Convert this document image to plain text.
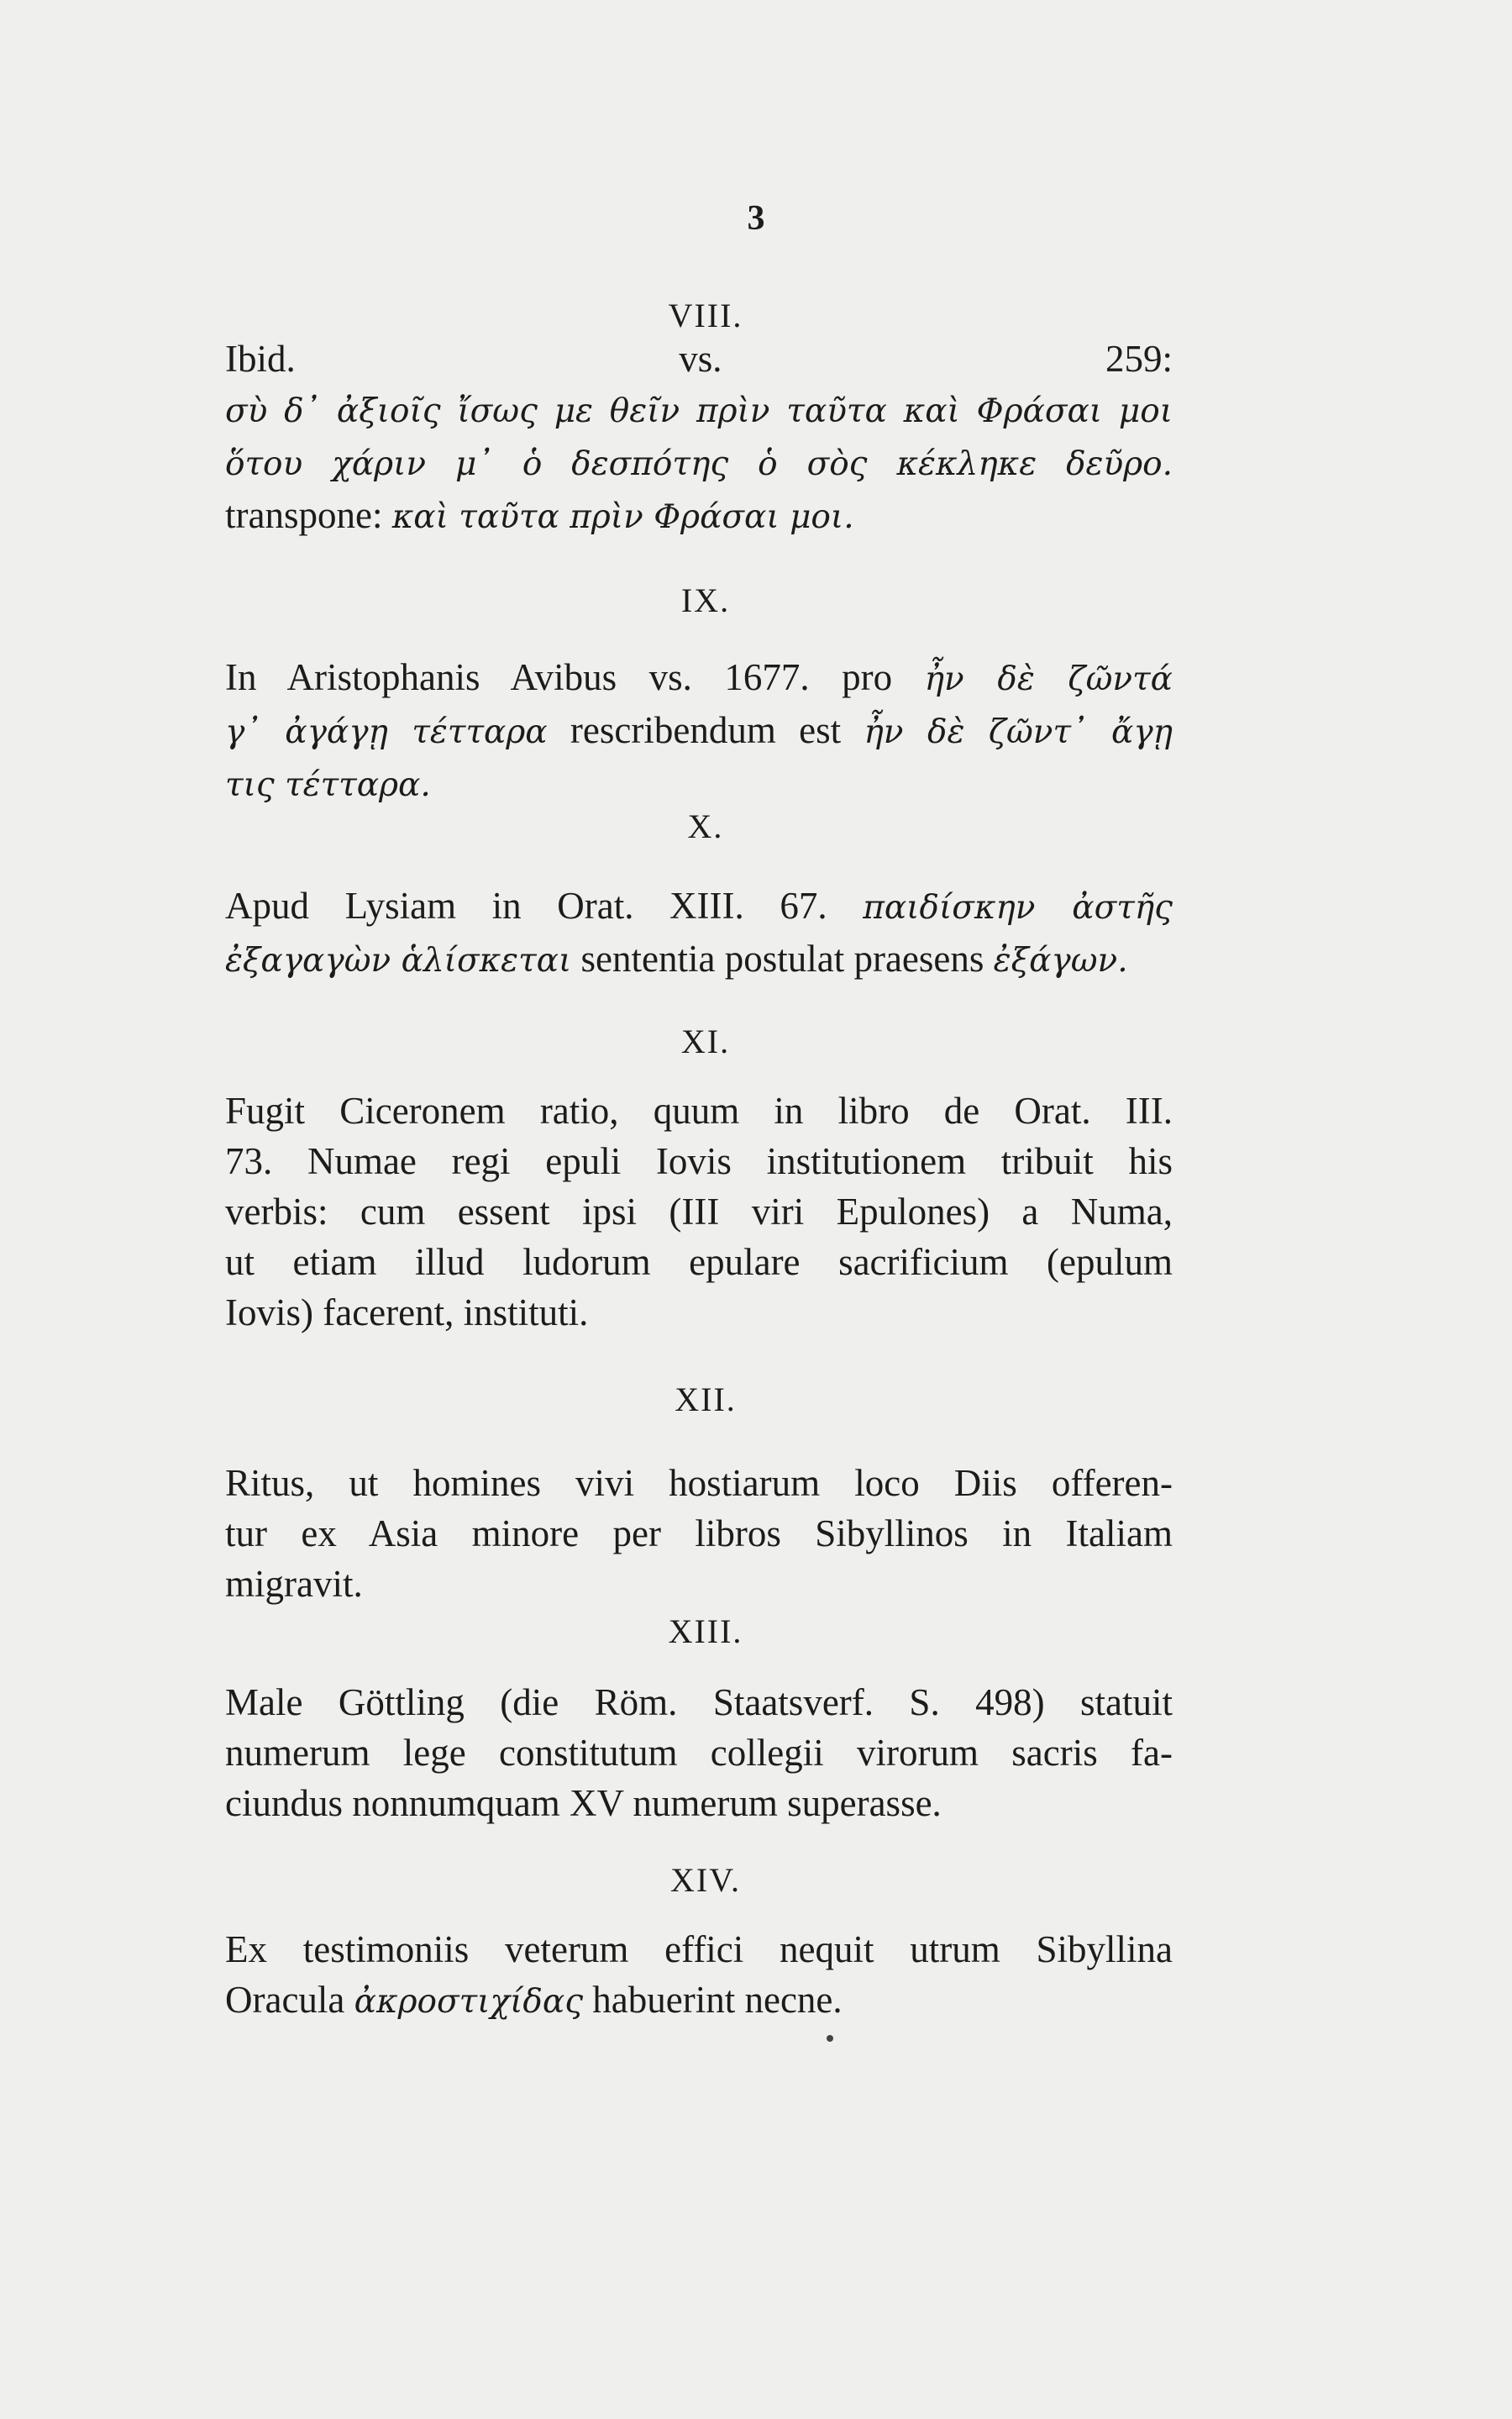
3
VIII.
Ibid. vs. 259:
σὺ δ᾽ ἀξιοῖς ἴσως με θεῖν πρὶν ταῦτα καὶ Φράσαι μοι
ὅτου χάριν μ᾽ ὁ δεσπότης ὁ σὸς κέκληκε δεῦρο.
transpone: καὶ ταῦτα πρὶν Φράσαι μοι.
IX.
In Aristophanis Avibus vs. 1677. pro ἦν δὲ ζῶντά
γ᾽ ἀγάγῃ τέτταρα rescribendum est ἦν δὲ ζῶντ᾽ ἄγῃ
τις τέτταρα.
X.
Apud Lysiam in Orat. XIII. 67. παιδίσκην ἀστῆς
ἐξαγαγὼν ἁλίσκεται sententia postulat praesens ἐξάγων.
XI.
Fugit Ciceronem ratio, quum in libro de Orat. III.
73. Numae regi epuli Iovis institutionem tribuit his
verbis: cum essent ipsi (III viri Epulones) a Numa,
ut etiam illud ludorum epulare sacrificium (epulum
Iovis) facerent, instituti.
XII.
Ritus, ut homines vivi hostiarum loco Diis offeren-
tur ex Asia minore per libros Sibyllinos in Italiam
migravit.
XIII.
Male Göttling (die Röm. Staatsverf. S. 498) statuit
numerum lege constitutum collegii virorum sacris fa-
ciundus nonnumquam XV numerum superasse.
XIV.
Ex testimoniis veterum effici nequit utrum Sibyllina
Oracula ἀκροστιχίδας habuerint necne.
